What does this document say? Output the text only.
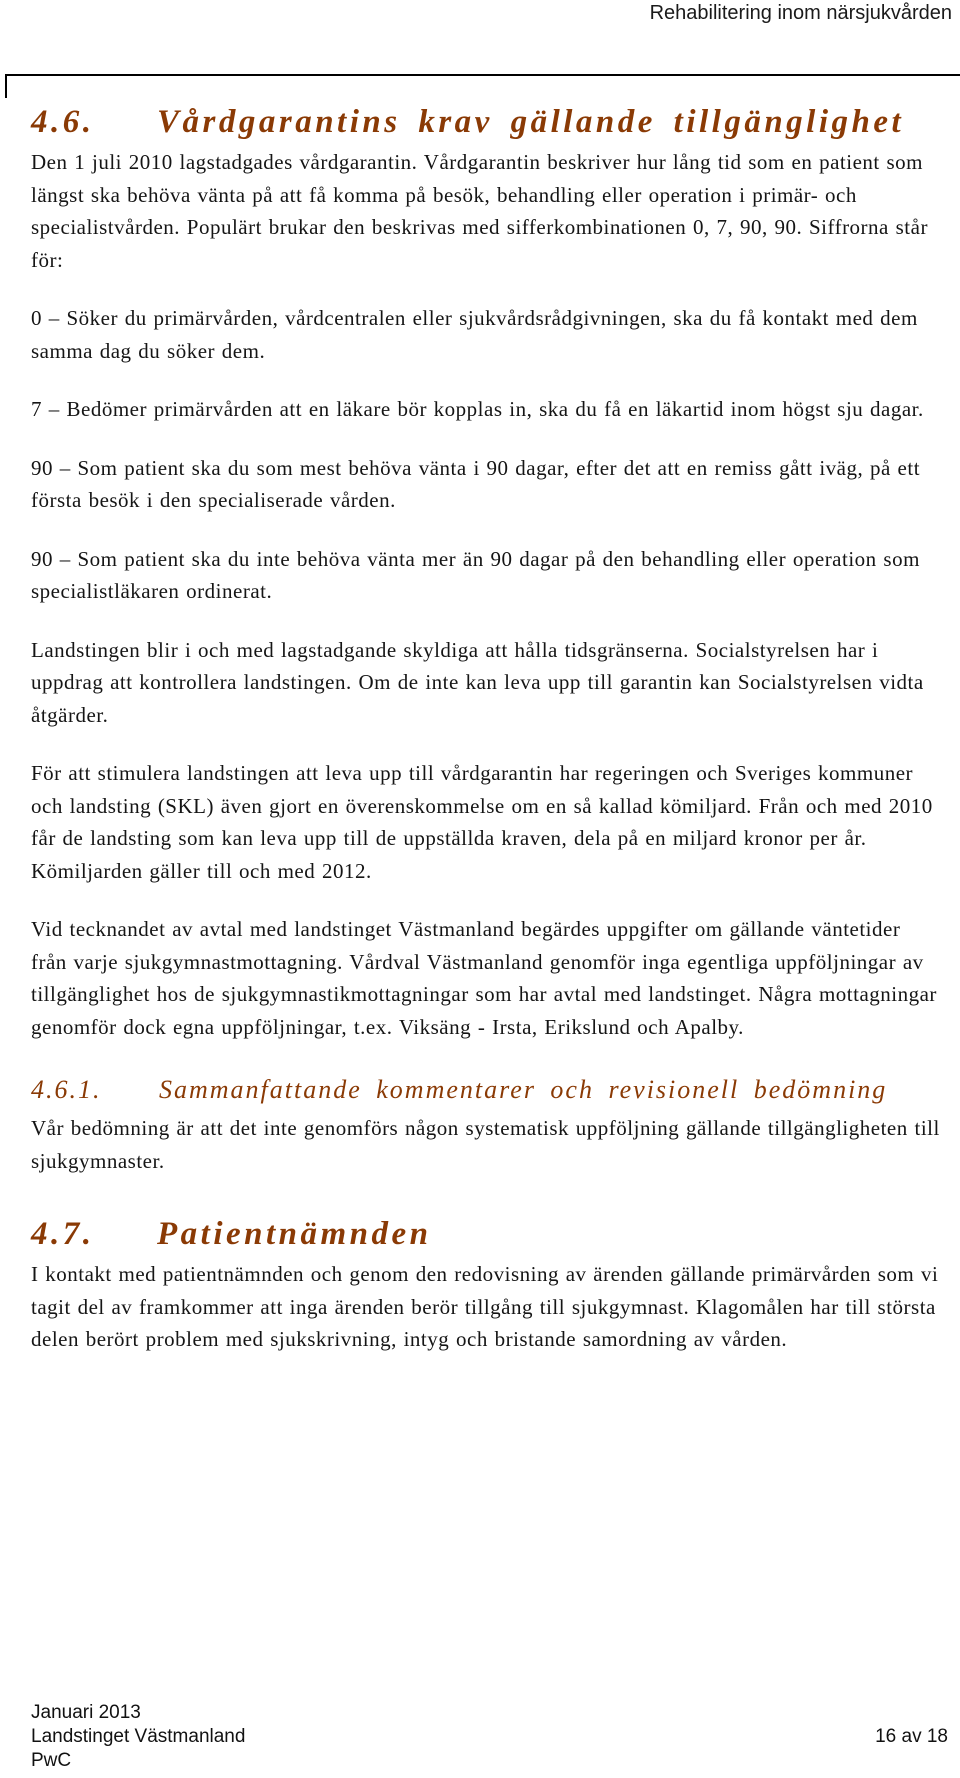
Rehabilitering inom närsjukvården
4.6. Vårdgarantins krav gällande tillgänglighet

Den 1 juli 2010 lagstadgades vårdgarantin. Vårdgarantin beskriver hur lång tid som en patient som längst ska behöva vänta på att få komma på besök, behandling eller operation i primär- och specialistvården. Populärt brukar den beskrivas med sifferkombinationen 0, 7, 90, 90. Siffrorna står för:

0 – Söker du primärvården, vårdcentralen eller sjukvårdsrådgivningen, ska du få kontakt med dem samma dag du söker dem.

7 – Bedömer primärvården att en läkare bör kopplas in, ska du få en läkartid inom högst sju dagar.

90 – Som patient ska du som mest behöva vänta i 90 dagar, efter det att en remiss gått iväg, på ett första besök i den specialiserade vården.

90 – Som patient ska du inte behöva vänta mer än 90 dagar på den behandling eller operation som specialistläkaren ordinerat.

Landstingen blir i och med lagstadgande skyldiga att hålla tidsgränserna. Socialstyrelsen har i uppdrag att kontrollera landstingen. Om de inte kan leva upp till garantin kan Socialstyrelsen vidta åtgärder.

För att stimulera landstingen att leva upp till vårdgarantin har regeringen och Sveriges kommuner och landsting (SKL) även gjort en överenskommelse om en så kallad kömiljard. Från och med 2010 får de landsting som kan leva upp till de uppställda kraven, dela på en miljard kronor per år. Kömiljarden gäller till och med 2012.

Vid tecknandet av avtal med landstinget Västmanland begärdes uppgifter om gällande väntetider från varje sjukgymnastmottagning. Vårdval Västmanland genomför inga egentliga uppföljningar av tillgänglighet hos de sjukgymnastikmottagningar som har avtal med landstinget. Några mottagningar genomför dock egna uppföljningar, t.ex. Viksäng - Irsta, Erikslund och Apalby.

4.6.1. Sammanfattande kommentarer och revisionell bedömning

Vår bedömning är att det inte genomförs någon systematisk uppföljning gällande tillgängligheten till sjukgymnaster.

4.7. Patientnämnden

I kontakt med patientnämnden och genom den redovisning av ärenden gällande primärvården som vi tagit del av framkommer att inga ärenden berör tillgång till sjukgymnast. Klagomålen har till största delen berört problem med sjukskrivning, intyg och bristande samordning av vården.

Januari 2013
Landstinget Västmanland	16 av 18
PwC
